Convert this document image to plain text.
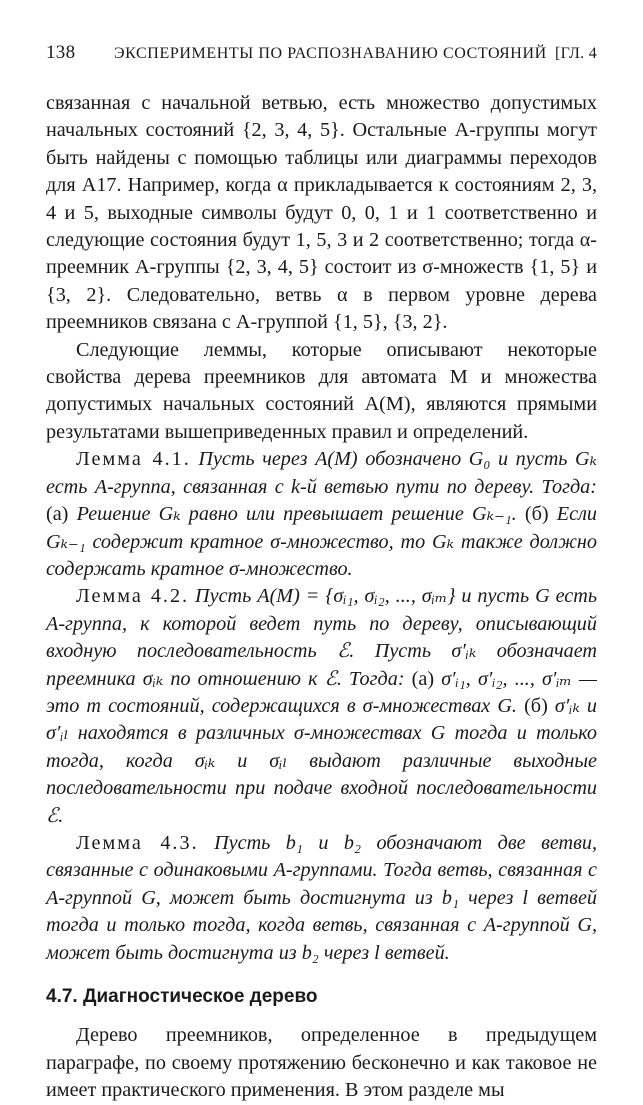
138 ЭКСПЕРИМЕНТЫ ПО РАСПОЗНАВАНИЮ СОСТОЯНИЙ [ГЛ. 4

связанная с начальной ветвью, есть множество допустимых начальных состояний {2, 3, 4, 5}. Остальные A-группы могут быть найдены с помощью таблицы или диаграммы переходов для A17. Например, когда α прикладывается к состояниям 2, 3, 4 и 5, выходные символы будут 0, 0, 1 и 1 соответственно и следующие состояния будут 1, 5, 3 и 2 соответственно; тогда α-преемник A-группы {2, 3, 4, 5} состоит из σ-множеств {1, 5} и {3, 2}. Следовательно, ветвь α в первом уровне дерева преемников связана с A-группой {1, 5}, {3, 2}.

Следующие леммы, которые описывают некоторые свойства дерева преемников для автомата M и множества допустимых начальных состояний A(M), являются прямыми результатами вышеприведенных правил и определений.

Лемма 4.1. Пусть через A(M) обозначено G₀ и пусть Gₖ есть A-группа, связанная с k-й ветвью пути по дереву. Тогда: (а) Решение Gₖ равно или превышает решение Gₖ₋₁. (б) Если Gₖ₋₁ содержит кратное σ-множество, то Gₖ также должно содержать кратное σ-множество.

Лемма 4.2. Пусть A(M) = {σᵢ₁, σᵢ₂, ..., σᵢₘ} и пусть G есть A-группа, к которой ведет путь по дереву, описывающий входную последовательность ℰ. Пусть σ′ᵢₖ обозначает преемника σᵢₖ по отношению к ℰ. Тогда: (а) σ′ᵢ₁, σ′ᵢ₂, ..., σ′ᵢₘ — это m состояний, содержащихся в σ-множествах G. (б) σ′ᵢₖ и σ′ᵢₗ находятся в различных σ-множествах G тогда и только тогда, когда σᵢₖ и σᵢₗ выдают различные выходные последовательности при подаче входной последовательности ℰ.

Лемма 4.3. Пусть b₁ и b₂ обозначают две ветви, связанные с одинаковыми A-группами. Тогда ветвь, связанная с A-группой G, может быть достигнута из b₁ через l ветвей тогда и только тогда, когда ветвь, связанная с A-группой G, может быть достигнута из b₂ через l ветвей.

4.7. Диагностическое дерево

Дерево преемников, определенное в предыдущем параграфе, по своему протяжению бесконечно и как таковое не имеет практического применения. В этом разделе мы
